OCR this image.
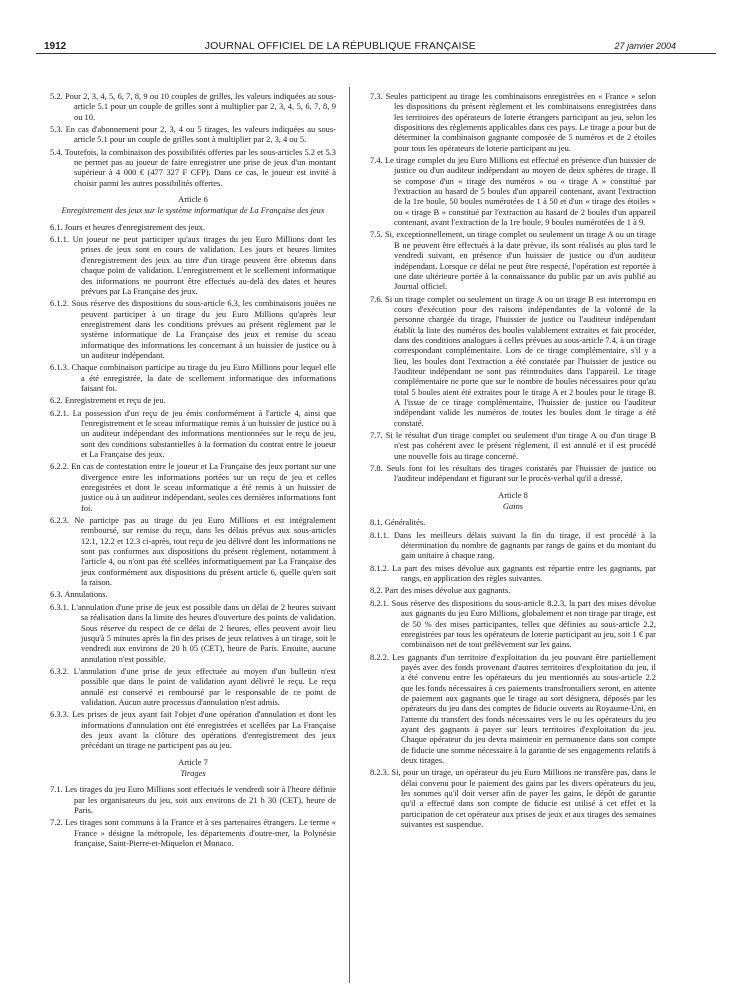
1912	JOURNAL OFFICIEL DE LA RÉPUBLIQUE FRANÇAISE	27 janvier 2004

5.2. Pour 2, 3, 4, 5, 6, 7, 8, 9 ou 10 couples de grilles, les valeurs indiquées au sous-article 5.1 pour un couple de grilles sont à multiplier par 2, 3, 4, 5, 6, 7, 8, 9 ou 10.

5.3. En cas d'abonnement pour 2, 3, 4 ou 5 tirages, les valeurs indiquées au sous-article 5.1 pour un couple de grilles sont à multiplier par 2, 3, 4 ou 5.

5.4. Toutefois, la combinaison des possibilités offertes par les sous-articles 5.2 et 5.3 ne permet pas au joueur de faire enregistrer une prise de jeux d'un montant supérieur à 4 000 € (477 327 F CFP). Dans ce cas, le joueur est invité à choisir parmi les autres possibilités offertes.

Article 6
Enregistrement des jeux sur le système informatique de La Française des jeux

6.1. Jours et heures d'enregistrement des jeux.

6.1.1. Un joueur ne peut participer qu'aux tirages du jeu Euro Millions dont les prises de jeux sont en cours de validation. Les jours et heures limites d'enregistrement des jeux au titre d'un tirage peuvent être obtenus dans chaque point de validation. L'enregistrement et le scellement informatique des informations ne pourront être effectués au-delà des dates et heures prévues par La Française des jeux.

6.1.2. Sous réserve des dispositions du sous-article 6.3, les combinaisons jouées ne peuvent participer à un tirage du jeu Euro Millions qu'après leur enregistrement dans les conditions prévues au présent règlement par le système informatique de La Française des jeux et remise du sceau informatique des informations les concernant à un huissier de justice ou à un auditeur indépendant.

6.1.3. Chaque combinaison participe au tirage du jeu Euro Millions pour lequel elle a été enregistrée, la date de scellement informatique des informations faisant foi.

6.2. Enregistrement et reçu de jeu.

6.2.1. La possession d'un reçu de jeu émis conformément à l'article 4, ainsi que l'enregistrement et le sceau informatique remis à un huissier de justice ou à un auditeur indépendant des informations mentionnées sur le reçu de jeu, sont des conditions substantielles à la formation du contrat entre le joueur et La Française des jeux.

6.2.2. En cas de contestation entre le joueur et La Française des jeux portant sur une divergence entre les informations portées sur un reçu de jeu et celles enregistrées et dont le sceau informatique a été remis à un huissier de justice ou à un auditeur indépendant, seules ces dernières informations font foi.

6.2.3. Ne participe pas au tirage du jeu Euro Millions et est intégralement remboursé, sur remise du reçu, dans les délais prévus aux sous-articles 12.1, 12.2 et 12.3 ci-après, tout reçu de jeu délivré dont les informations ne sont pas conformes aux dispositions du présent règlement, notamment à l'article 4, ou n'ont pas été scellées informatiquement par La Française des jeux conformément aux dispositions du présent article 6, quelle qu'en soit la raison.

6.3. Annulations.

6.3.1. L'annulation d'une prise de jeux est possible dans un délai de 2 heures suivant sa réalisation dans la limite des heures d'ouverture des points de validation. Sous réserve du respect de ce délai de 2 heures, elles peuvent avoir lieu jusqu'à 5 minutes après la fin des prises de jeux relatives à un tirage, soit le vendredi aux environs de 20 h 05 (CET), heure de Paris. Ensuite, aucune annulation n'est possible.

6.3.2. L'annulation d'une prise de jeux effectuée au moyen d'un bulletin n'est possible que dans le point de validation ayant délivré le reçu. Le reçu annulé est conservé et remboursé par le responsable de ce point de validation. Aucun autre processus d'annulation n'est admis.

6.3.3. Les prises de jeux ayant fait l'objet d'une opération d'annulation et dont les informations d'annulation ont été enregistrées et scellées par La Française des jeux avant la clôture des opérations d'enregistrement des jeux précédant un tirage ne participent pas au jeu.

Article 7
Tirages

7.1. Les tirages du jeu Euro Millions sont effectués le vendredi soir à l'heure définie par les organisateurs du jeu, soit aux environs de 21 h 30 (CET), heure de Paris.

7.2. Les tirages sont communs à la France et à ses partenaires étrangers. Le terme « France » désigne la métropole, les départements d'outre-mer, la Polynésie française, Saint-Pierre-et-Miquelon et Monaco.

7.3. Seules participent au tirage les combinaisons enregistrées en « France » selon les dispositions du présent règlement et les combinaisons enregistrées dans les territoires des opérateurs de loterie étrangers participant au jeu, selon les dispositions des règlements applicables dans ces pays. Le tirage a pour but de déterminer la combinaison gagnante composée de 5 numéros et de 2 étoiles pour tous les opérateurs de loterie participant au jeu.

7.4. Le tirage complet du jeu Euro Millions est effectué en présence d'un huissier de justice ou d'un auditeur indépendant au moyen de deux sphères de tirage. Il se compose d'un « tirage des numéros » ou « tirage A » constitué par l'extraction au hasard de 5 boules d'un appareil contenant, avant l'extraction de la 1re boule, 50 boules numérotées de 1 à 50 et d'un « tirage des étoiles » ou « tirage B » constitué par l'extraction au hasard de 2 boules d'un appareil contenant, avant l'extraction de la 1re boule, 9 boules numérotées de 1 à 9.

7.5. Si, exceptionnellement, un tirage complet ou seulement un tirage A ou un tirage B ne peuvent être effectués à la date prévue, ils sont réalisés au plus tard le vendredi suivant, en présence d'un huissier de justice ou d'un auditeur indépendant. Lorsque ce délai ne peut être respecté, l'opération est reportée à une date ultérieure portée à la connaissance du public par un avis publié au Journal officiel.

7.6. Si un tirage complet ou seulement un tirage A ou un tirage B est interrompu en cours d'exécution pour des raisons indépendantes de la volonté de la personne chargée du tirage, l'huissier de justice ou l'auditeur indépendant établit la liste des numéros des boules valablement extraites et fait procéder, dans des conditions analogues à celles prévues au sous-article 7.4, à un tirage correspondant complémentaire. Lors de ce tirage complémentaire, s'il y a lieu, les boules dont l'extraction a été constatée par l'huissier de justice ou l'auditeur indépendant ne sont pas réintroduites dans l'appareil. Le tirage complémentaire ne porte que sur le nombre de boules nécessaires pour qu'au total 5 boules aient été extraites pour le tirage A et 2 boules pour le tirage B. A l'issue de ce tirage complémentaire, l'huissier de justice ou l'auditeur indépendant valide les numéros de toutes les boules dont le tirage a été constaté.

7.7. Si le résultat d'un tirage complet ou seulement d'un tirage A ou d'un tirage B n'est pas cohérent avec le présent règlement, il est annulé et il est procédé une nouvelle fois au tirage concerné.

7.8. Seuls font foi les résultats des tirages constatés par l'huissier de justice ou l'auditeur indépendant et figurant sur le procès-verbal qu'il a dressé.

Article 8
Gains

8.1. Généralités.

8.1.1. Dans les meilleurs délais suivant la fin du tirage, il est procédé à la détermination du nombre de gagnants par rangs de gains et du montant du gain unitaire à chaque rang.

8.1.2. La part des mises dévolue aux gagnants est répartie entre les gagnants, par rangs, en application des règles suivantes.

8.2. Part des mises dévolue aux gagnants.

8.2.1. Sous réserve des dispositions du sous-article 8.2.3, la part des mises dévolue aux gagnants du jeu Euro Millions, globalement et non tirage par tirage, est de 50 % des mises participantes, telles que définies au sous-article 2.2, enregistrées par tous les opérateurs de loterie participant au jeu, soit 1 € par combinaison net de tout prélèvement sur les gains.

8.2.2. Les gagnants d'un territoire d'exploitation du jeu pouvant être partiellement payés avec des fonds provenant d'autres territoires d'exploitation du jeu, il a été convenu entre les opérateurs du jeu mentionnés au sous-article 2.2 que les fonds nécessaires à ces paiements transfrontaliers seront, en attente de paiement aux gagnants que le tirage au sort désignera, déposés par les opérateurs du jeu dans des comptes de fiducie ouverts au Royaume-Uni, en l'attente du transfert des fonds nécessaires vers le ou les opérateurs du jeu ayant des gagnants à payer sur leurs territoires d'exploitation du jeu. Chaque opérateur du jeu devra maintenir en permanence dans son compte de fiducie une somme nécessaire à la garantie de ses engagements relatifs à deux tirages.

8.2.3. Si, pour un tirage, un opérateur du jeu Euro Millions ne transfère pas, dans le délai convenu pour le paiement des gains par les divers opérateurs du jeu, les sommes qu'il doit verser afin de payer les gains, le dépôt de garantie qu'il a effectué dans son compte de fiducie est utilisé à cet effet et la participation de cet opérateur aux prises de jeux et aux tirages des semaines suivantes est suspendue.
